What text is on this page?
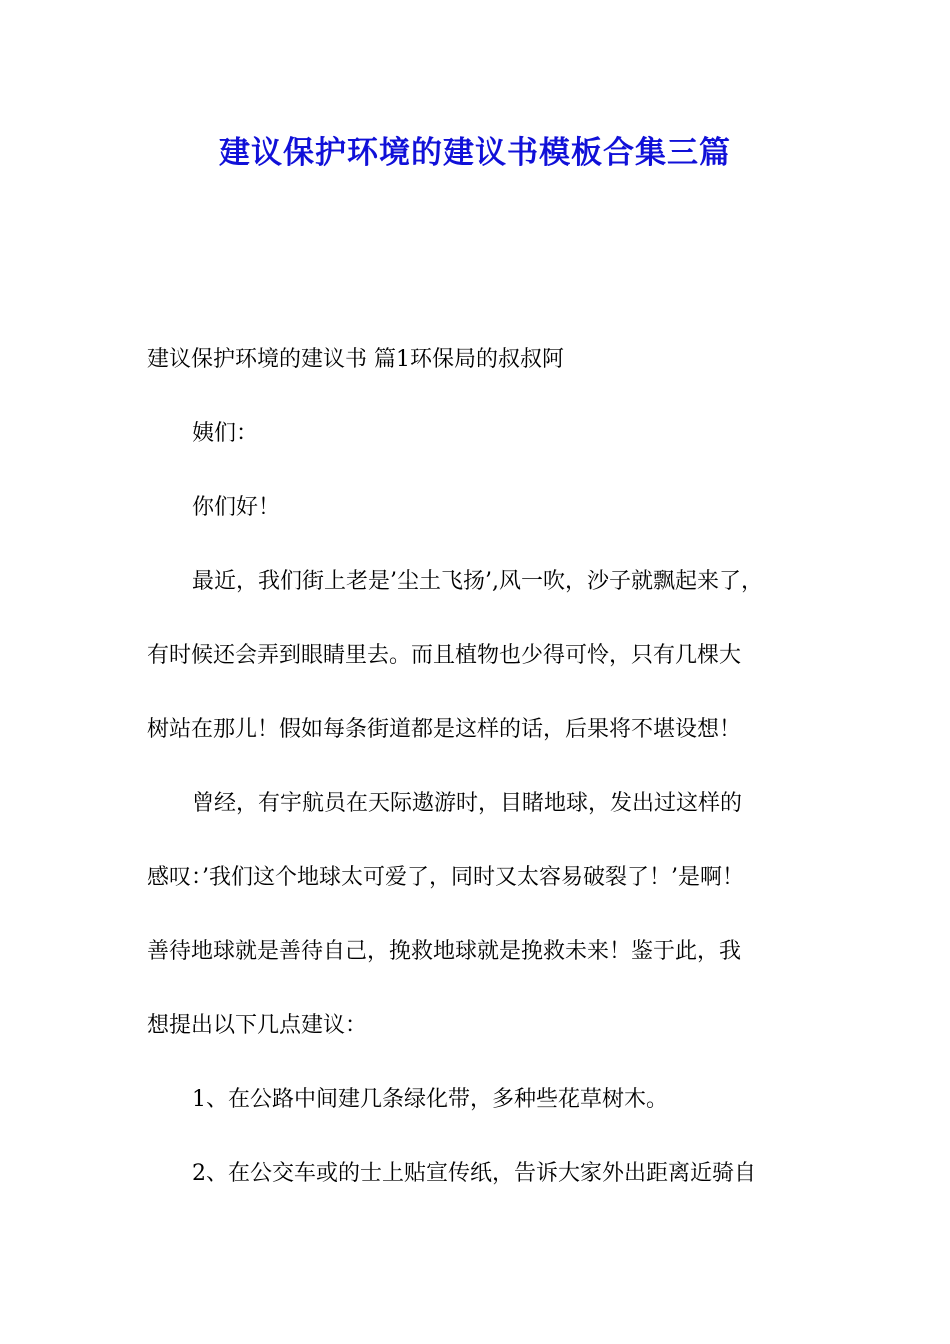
建议保护环境的建议书模板合集三篇
建议保护环境的建议书 篇1环保局的叔叔阿
姨们：
你们好！
最近，我们街上老是’尘土飞扬’,风一吹，沙子就飘起来了，
有时候还会弄到眼睛里去。而且植物也少得可怜，只有几棵大
树站在那儿！假如每条街道都是这样的话，后果将不堪设想！
曾经，有宇航员在天际遨游时，目睹地球，发出过这样的
感叹：’我们这个地球太可爱了，同时又太容易破裂了！’是啊！
善待地球就是善待自己，挽救地球就是挽救未来！鉴于此，我
想提出以下几点建议：
1、在公路中间建几条绿化带，多种些花草树木。
2、在公交车或的士上贴宣传纸，告诉大家外出距离近骑自
